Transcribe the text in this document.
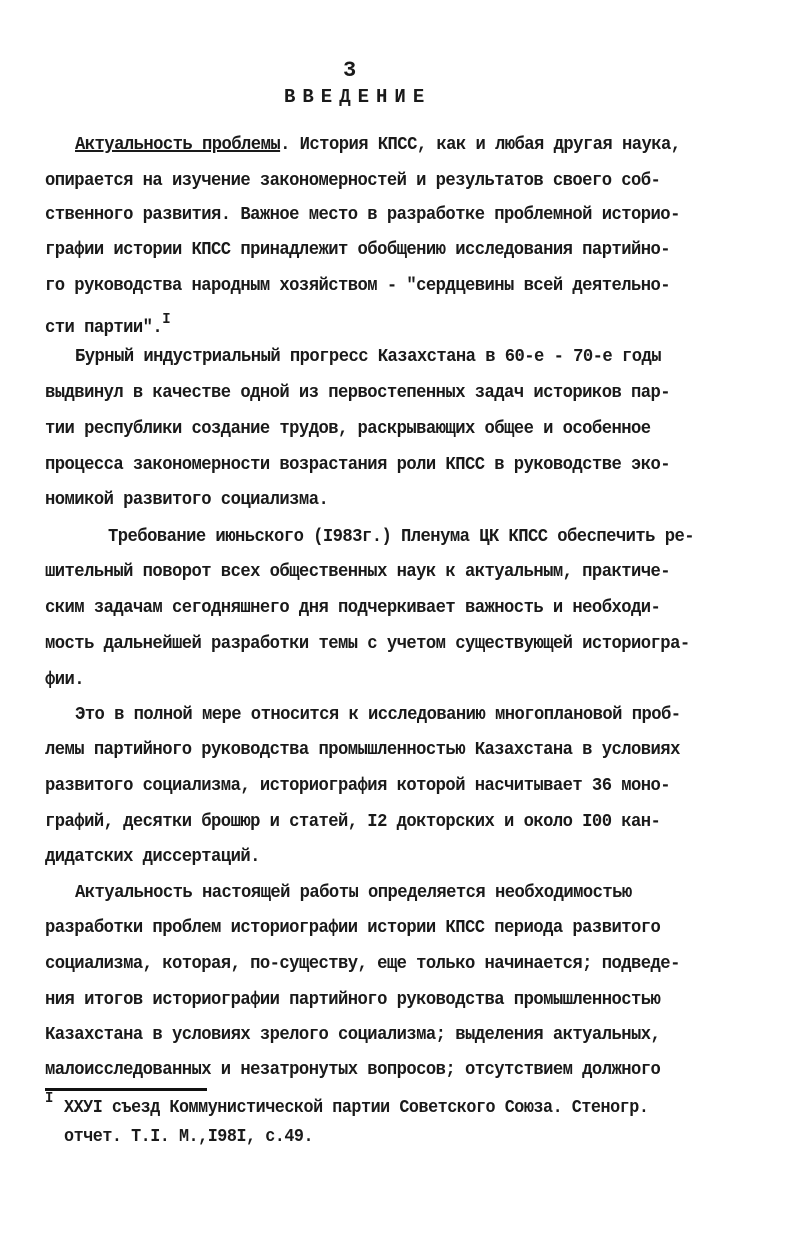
3
ВВЕДЕНИЕ
Актуальность проблемы. История КПСС, как и любая другая наука,
опирается на изучение закономерностей и результатов своего соб-
ственного развития. Важное место в разработке проблемной историо-
графии истории КПСС принадлежит обобщению исследования партийно-
го руководства народным хозяйством - "сердцевины всей деятельно-
сти партии".$^I$
Бурный индустриальный прогресс Казахстана в 60-е - 70-е годы
выдвинул в качестве одной из первостепенных задач историков пар-
тии республики создание трудов, раскрывающих общее и особенное
процесса закономерности возрастания роли КПСС в руководстве эко-
номикой развитого социализма.
Требование июньского (I983г.) Пленума ЦК КПСС обеспечить ре-
шительный поворот всех общественных наук к актуальным, практиче-
ским задачам сегодняшнего дня подчеркивает важность и необходи-
мость дальнейшей разработки темы с учетом существующей историогра-
фии.
Это в полной мере относится к исследованию многоплановой проб-
лемы партийного руководства промышленностью Казахстана в условиях
развитого социализма, историография которой насчитывает 36 моно-
графий, десятки брошюр и статей, I2 докторских и около I00 кан-
дидатских диссертаций.
Актуальность настоящей работы определяется необходимостью
разработки проблем историографии истории КПСС периода развитого
социализма, которая, по-существу, еще только начинается; подведе-
ния итогов историографии партийного руководства промышленностью
Казахстана в условиях зрелого социализма; выделения актуальных,
малоисследованных и незатронутых вопросов; отсутствием должного
I ХХУI съезд Коммунистической партии Советского Союза. Стеногр.
отчет. Т.I. М.,I98I, с.49.
